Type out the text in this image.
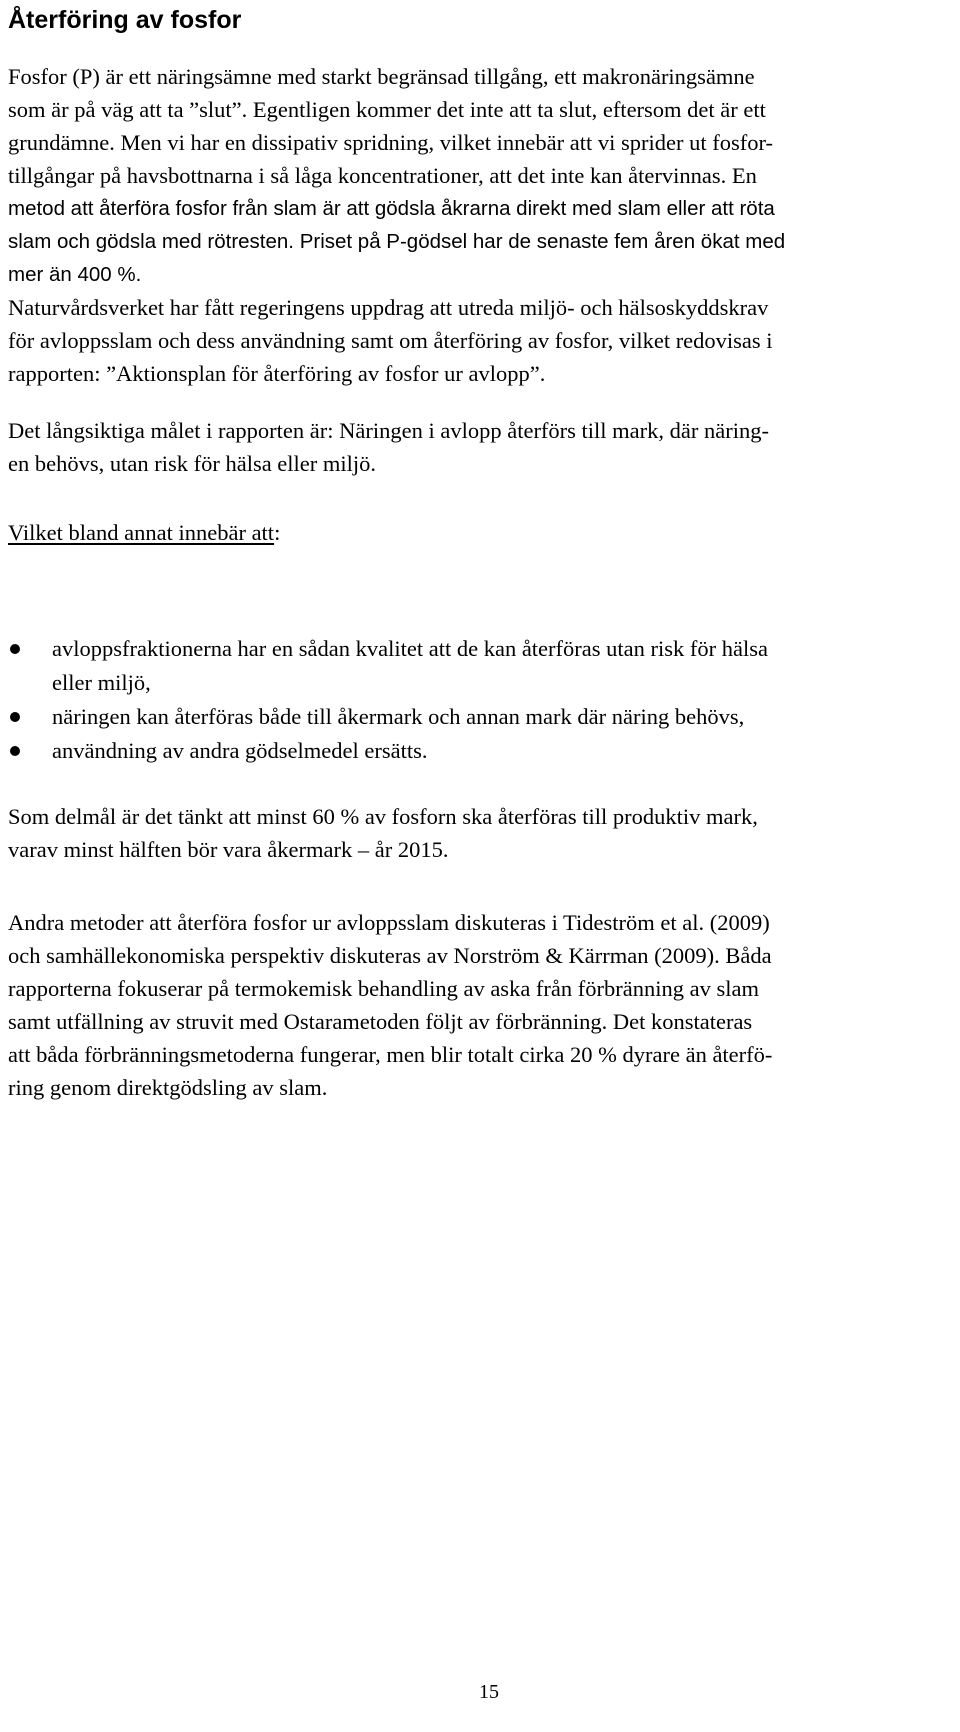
Återföring av fosfor
Fosfor (P) är ett näringsämne med starkt begränsad tillgång, ett makronäringsämne
som är på väg att ta ”slut”. Egentligen kommer det inte att ta slut, eftersom det är ett
grundämne. Men vi har en dissipativ spridning, vilket innebär att vi sprider ut fosfor-
tillgångar på havsbottnarna i så låga koncentrationer, att det inte kan återvinnas. En
metod att återföra fosfor från slam är att gödsla åkrarna direkt med slam eller att röta
slam och gödsla med rötresten. Priset på P-gödsel har de senaste fem åren ökat med
mer än 400 %.
Naturvårdsverket har fått regeringens uppdrag att utreda miljö- och hälsoskyddskrav
för avloppsslam och dess användning samt om återföring av fosfor, vilket redovisas i
rapporten: ”Aktionsplan för återföring av fosfor ur avlopp”.
Det långsiktiga målet i rapporten är: Näringen i avlopp återförs till mark, där näring-
en behövs, utan risk för hälsa eller miljö.
Vilket bland annat innebär att:
avloppsfraktionerna har en sådan kvalitet att de kan återföras utan risk för hälsa
eller miljö,
näringen kan återföras både till åkermark och annan mark där näring behövs,
användning av andra gödselmedel ersätts.
Som delmål är det tänkt att minst 60 % av fosforn ska återföras till produktiv mark,
varav minst hälften bör vara åkermark – år 2015.
Andra metoder att återföra fosfor ur avloppsslam diskuteras i Tideström et al. (2009)
och samhällekonomiska perspektiv diskuteras av Norström & Kärrman (2009). Båda
rapporterna fokuserar på termokemisk behandling av aska från förbränning av slam
samt utfällning av struvit med Ostarametoden följt av förbränning. Det konstateras
att båda förbränningsmetoderna fungerar, men blir totalt cirka 20 % dyrare än återfö-
ring genom direktgödsling av slam.

15
